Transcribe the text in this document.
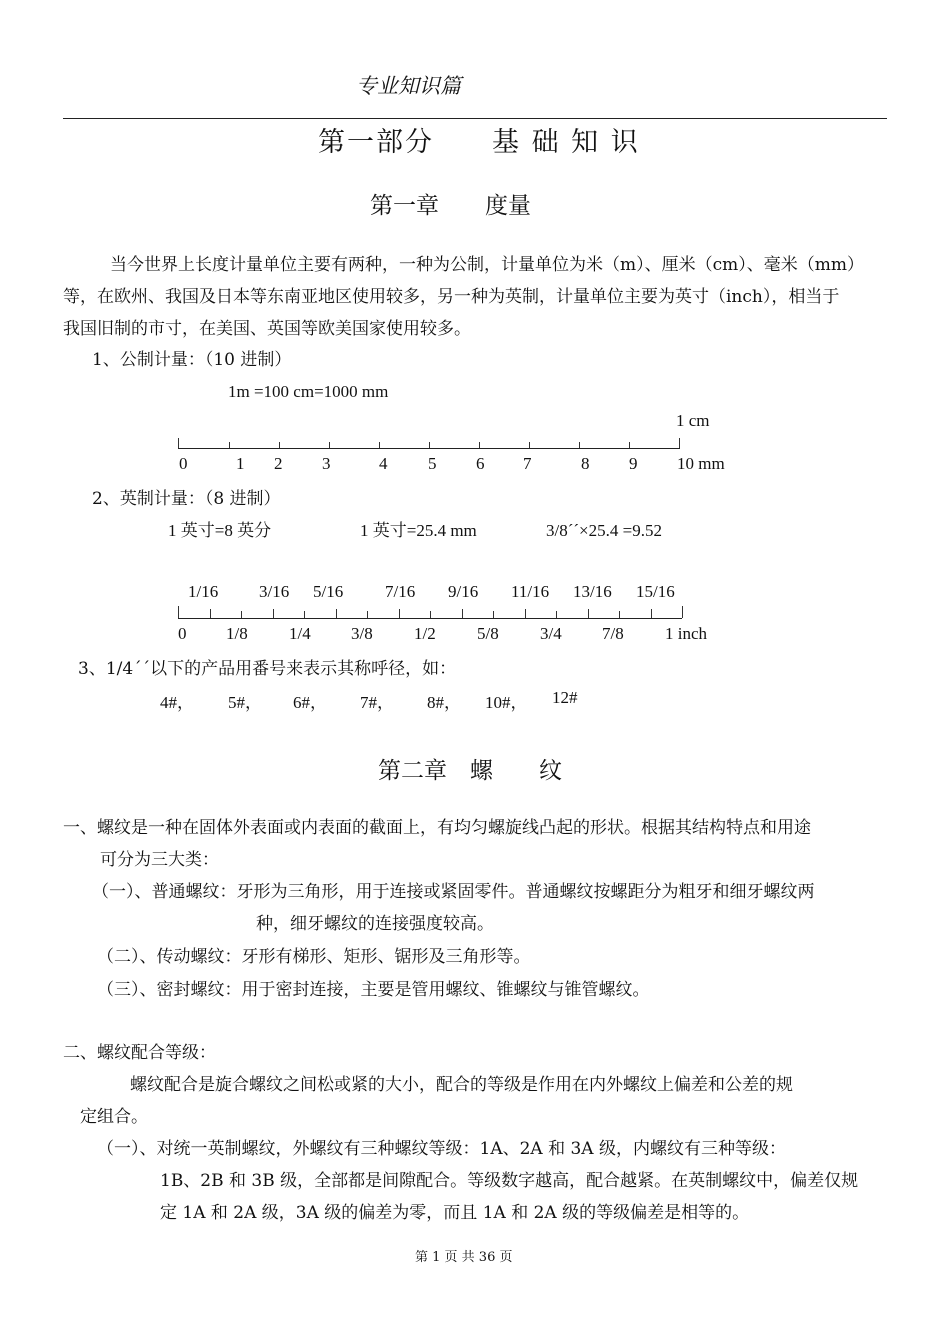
专业知识篇
第一部分　　基 础 知 识
第一章　　度量
当今世界上长度计量单位主要有两种，一种为公制，计量单位为米（m）、厘米（cm）、毫米（mm）
等，在欧州、我国及日本等东南亚地区使用较多，另一种为英制，计量单位主要为英寸（inch），相当于
我国旧制的市寸，在美国、英国等欧美国家使用较多。
1、公制计量：（10 进制）
1m =100 cm=1000 mm
1 cm
0	1 2 3	4 5 6 7	8 9 10 mm
2、英制计量：（8 进制）
1 英寸=8 英分	1 英寸=25.4 mm	3/8´´×25.4 =9.52
1/16 3/16 5/16 7/16 9/16 11/16 13/16 15/16
0 1/8 1/4 3/8 1/2 5/8 3/4 7/8 1 inch
3、1/4´´以下的产品用番号来表示其称呼径，如：
4#， 5#， 6#， 7#， 8#， 10#， 12#
第二章　螺　　纹
一、螺纹是一种在固体外表面或内表面的截面上，有均匀螺旋线凸起的形状。根据其结构特点和用途
可分为三大类：
（一）、普通螺纹：牙形为三角形，用于连接或紧固零件。普通螺纹按螺距分为粗牙和细牙螺纹两
种，细牙螺纹的连接强度较高。
（二）、传动螺纹：牙形有梯形、矩形、锯形及三角形等。
（三）、密封螺纹：用于密封连接，主要是管用螺纹、锥螺纹与锥管螺纹。
二、螺纹配合等级：
螺纹配合是旋合螺纹之间松或紧的大小，配合的等级是作用在内外螺纹上偏差和公差的规
定组合。
（一）、对统一英制螺纹，外螺纹有三种螺纹等级：1A、2A 和 3A 级，内螺纹有三种等级：
1B、2B 和 3B 级，全部都是间隙配合。等级数字越高，配合越紧。在英制螺纹中，偏差仅规
定 1A 和 2A 级，3A 级的偏差为零，而且 1A 和 2A 级的等级偏差是相等的。
第 1 页 共 36 页
